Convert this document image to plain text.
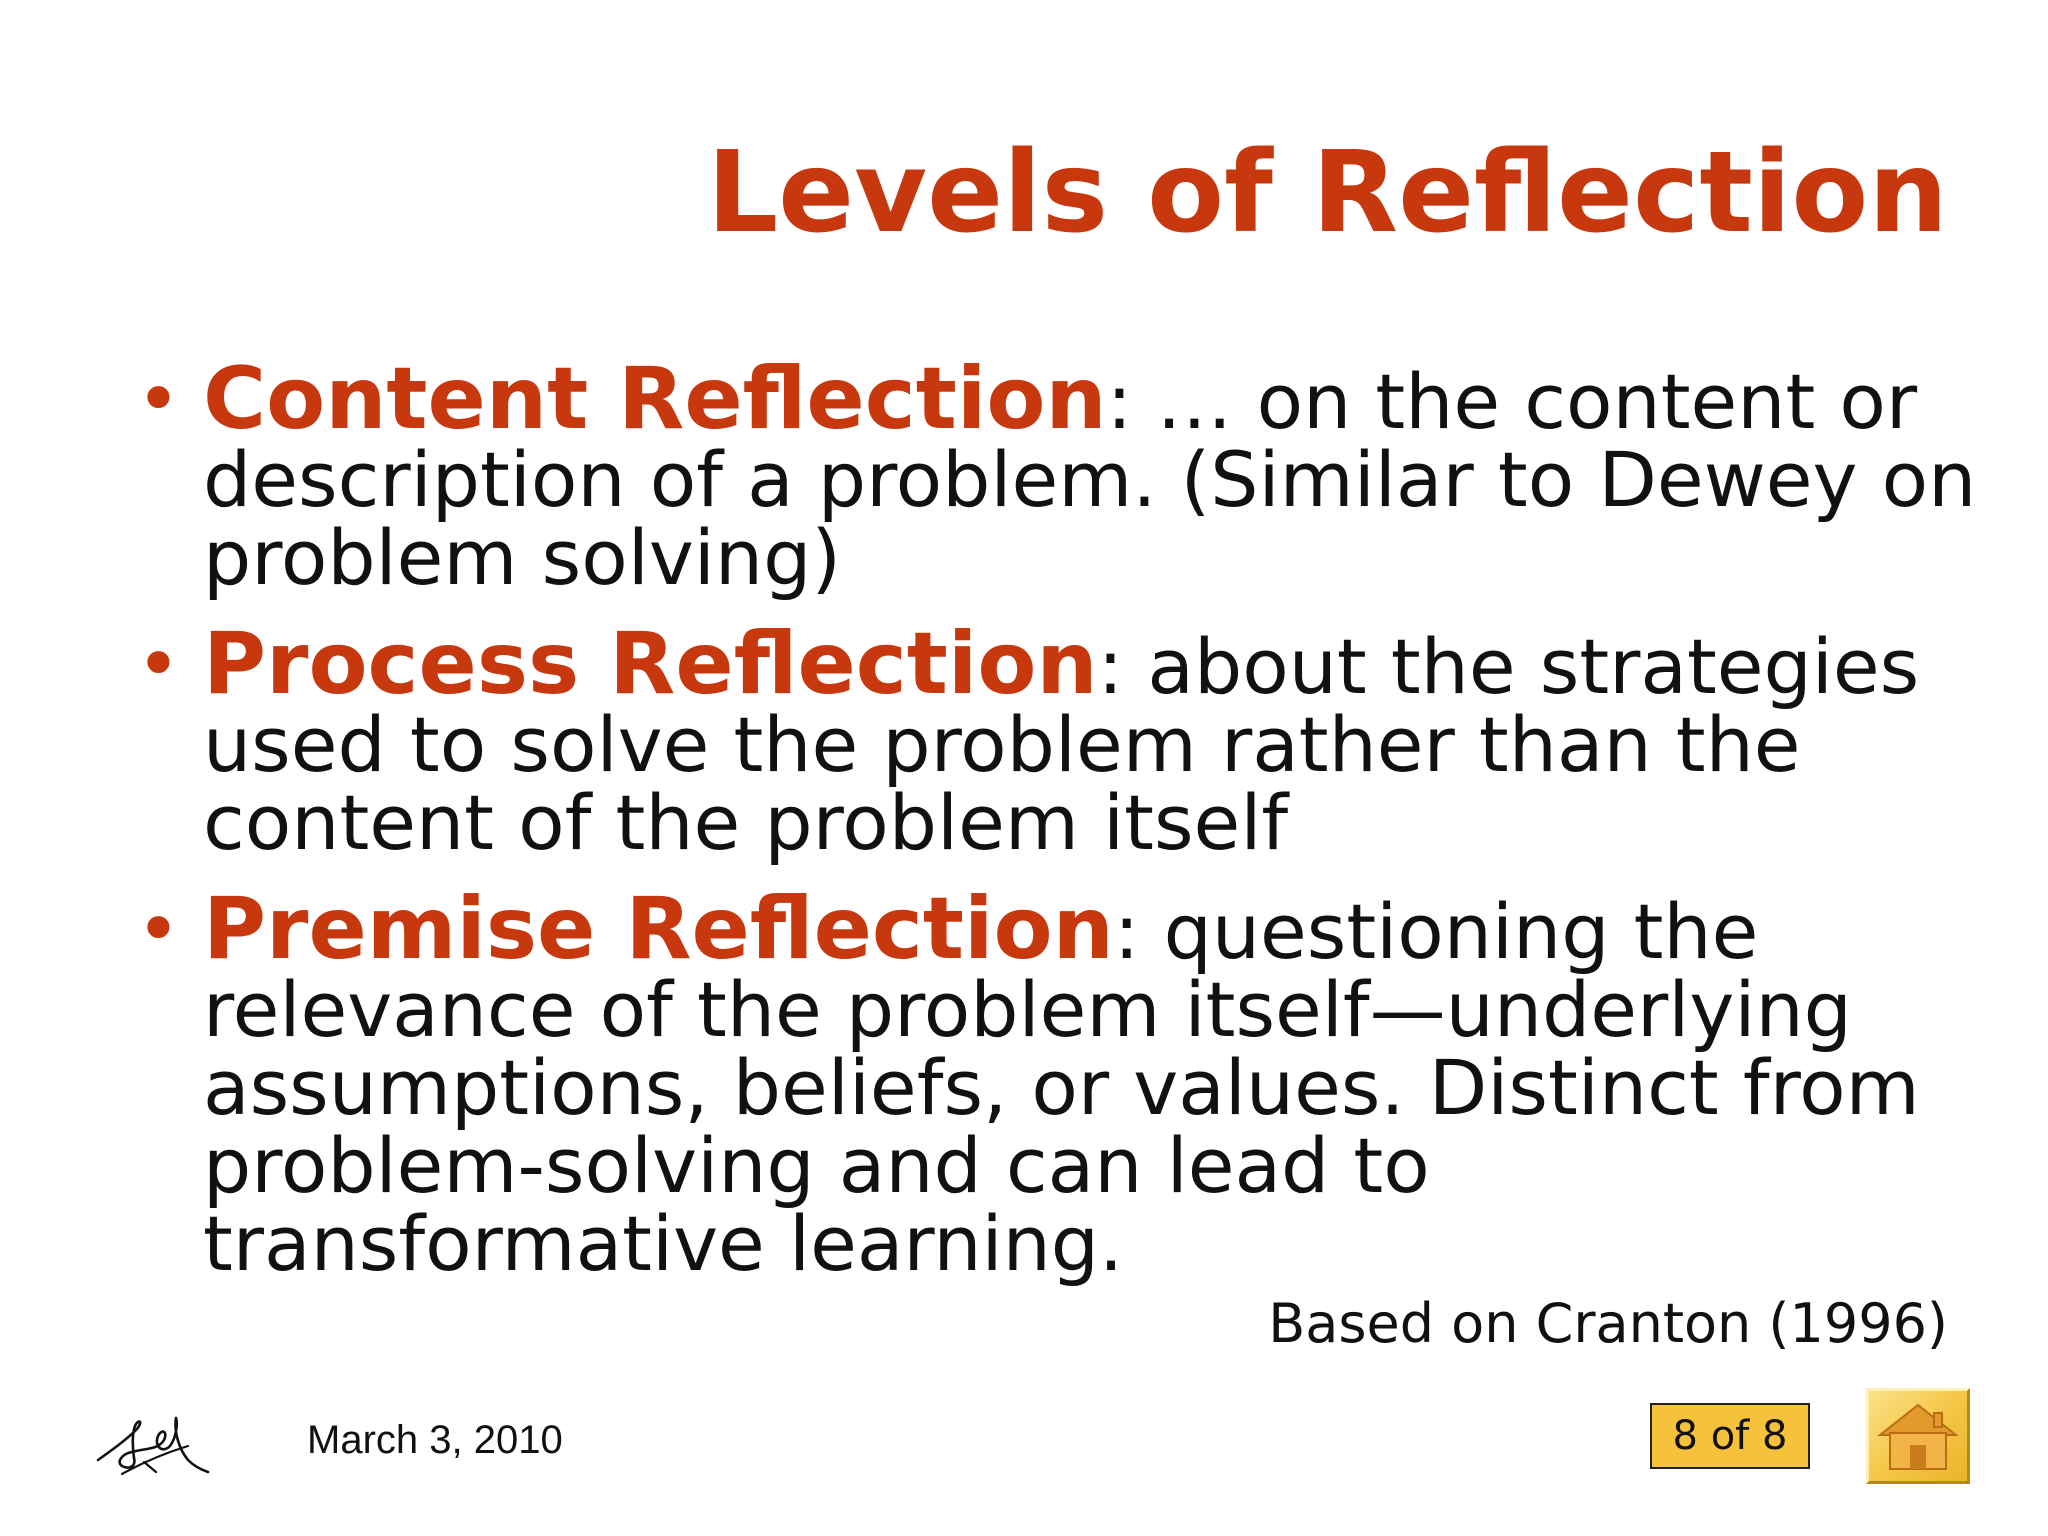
Levels of Reflection
• Content Reflection: … on the content or description of a problem. (Similar to Dewey on problem solving)
• Process Reflection: about the strategies used to solve the problem rather than the content of the problem itself
• Premise Reflection: questioning the relevance of the problem itself—underlying assumptions, beliefs, or values. Distinct from problem-solving and can lead to transformative learning.
Based on Cranton (1996)
March 3, 2010	8 of 8
